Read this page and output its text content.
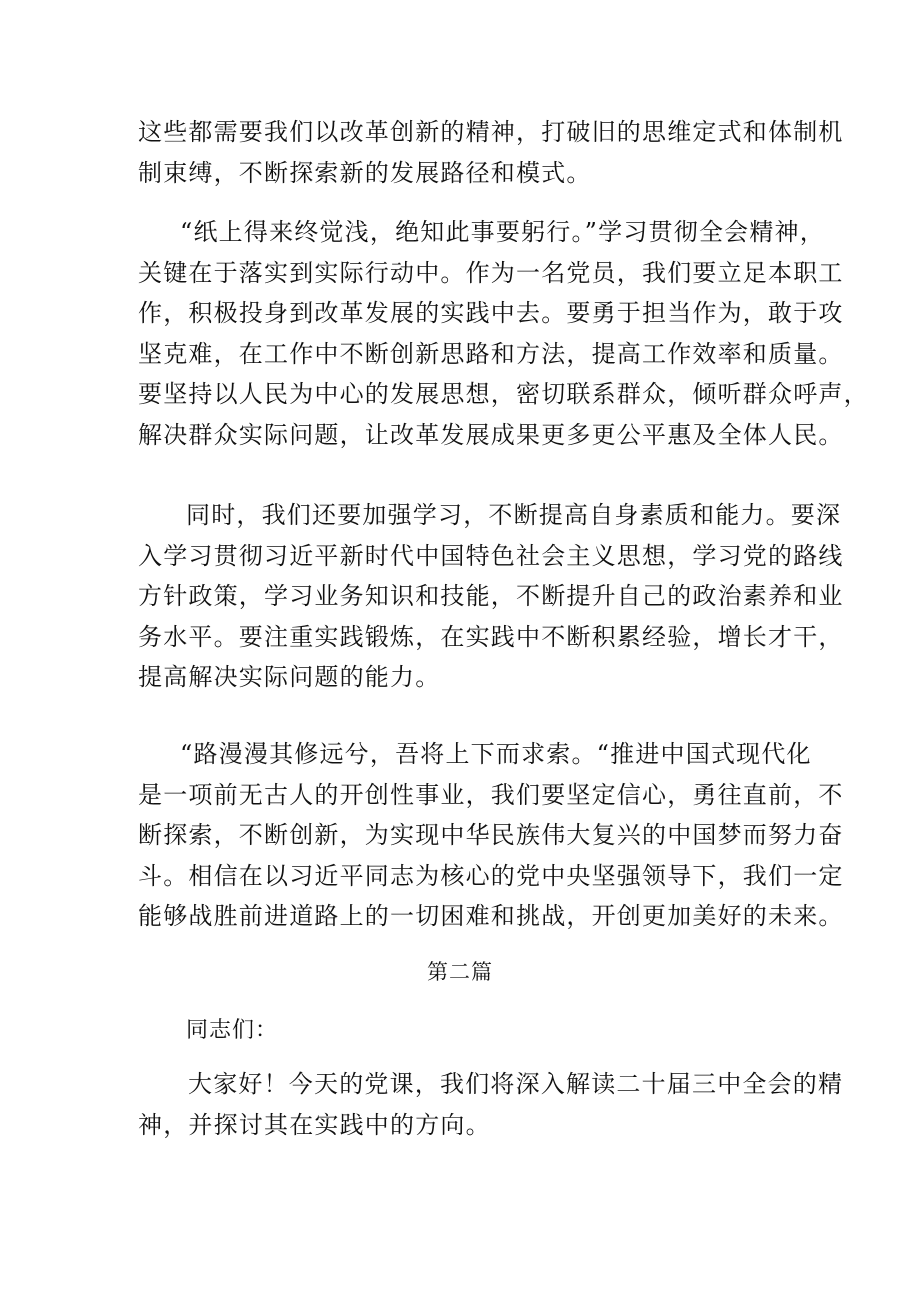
这些都需要我们以改革创新的精神，打破旧的思维定式和体制机
制束缚，不断探索新的发展路径和模式。
“纸上得来终觉浅，绝知此事要躬行。”学习贯彻全会精神，
关键在于落实到实际行动中。作为一名党员，我们要立足本职工
作，积极投身到改革发展的实践中去。要勇于担当作为，敢于攻
坚克难，在工作中不断创新思路和方法，提高工作效率和质量。
要坚持以人民为中心的发展思想，密切联系群众，倾听群众呼声，
解决群众实际问题，让改革发展成果更多更公平惠及全体人民。
同时，我们还要加强学习，不断提高自身素质和能力。要深
入学习贯彻习近平新时代中国特色社会主义思想，学习党的路线
方针政策，学习业务知识和技能，不断提升自己的政治素养和业
务水平。要注重实践锻炼，在实践中不断积累经验，增长才干，
提高解决实际问题的能力。
“路漫漫其修远兮，吾将上下而求索。“推进中国式现代化
是一项前无古人的开创性事业，我们要坚定信心，勇往直前，不
断探索，不断创新，为实现中华民族伟大复兴的中国梦而努力奋
斗。相信在以习近平同志为核心的党中央坚强领导下，我们一定
能够战胜前进道路上的一切困难和挑战，开创更加美好的未来。
第二篇
同志们：
大家好！今天的党课，我们将深入解读二十届三中全会的精
神，并探讨其在实践中的方向。
